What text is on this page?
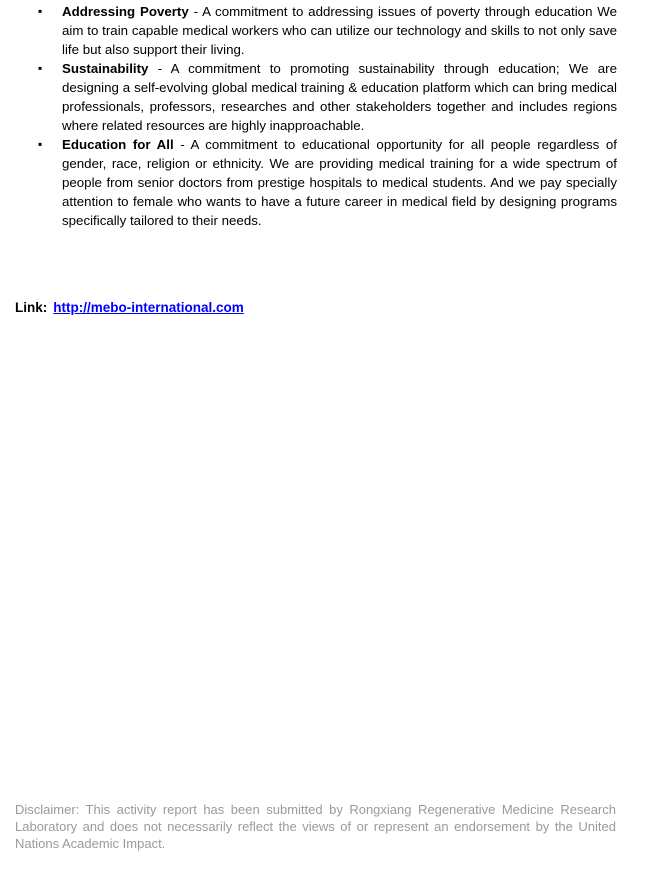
▪ Addressing Poverty - A commitment to addressing issues of poverty through education We aim to train capable medical workers who can utilize our technology and skills to not only save life but also support their living.
▪ Sustainability - A commitment to promoting sustainability through education; We are designing a self-evolving global medical training & education platform which can bring medical professionals, professors, researches and other stakeholders together and includes regions where related resources are highly inapproachable.
▪ Education for All - A commitment to educational opportunity for all people regardless of gender, race, religion or ethnicity. We are providing medical training for a wide spectrum of people from senior doctors from prestige hospitals to medical students. And we pay specially attention to female who wants to have a future career in medical field by designing programs specifically tailored to their needs.
Link: http://mebo-international.com

Disclaimer: This activity report has been submitted by Rongxiang Regenerative Medicine Research Laboratory and does not necessarily reflect the views of or represent an endorsement by the United Nations Academic Impact.
